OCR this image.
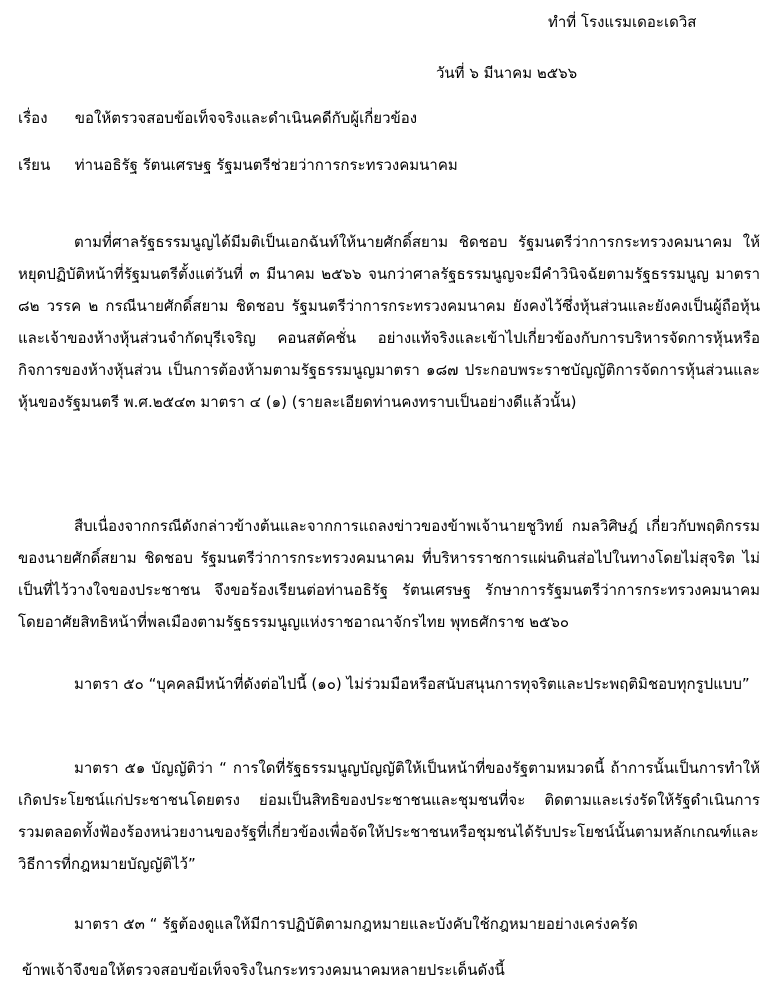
ทำที่ โรงแรมเดอะเดวิส
วันที่ ๖ มีนาคม ๒๕๖๖
เรื่อง ขอให้ตรวจสอบข้อเท็จจริงและดำเนินคดีกับผู้เกี่ยวข้อง
เรียน ท่านอธิรัฐ รัตนเศรษฐ รัฐมนตรีช่วยว่าการกระทรวงคมนาคม

ตามที่ศาลรัฐธรรมนูญได้มีมติเป็นเอกฉันท์ให้นายศักดิ์สยาม ชิดชอบ รัฐมนตรีว่าการกระทรวงคมนาคม ให้หยุดปฏิบัติหน้าที่รัฐมนตรีตั้งแต่วันที่ ๓ มีนาคม ๒๕๖๖ จนกว่าศาลรัฐธรรมนูญจะมีคำวินิจฉัยตามรัฐธรรมนูญ มาตรา ๘๒ วรรค ๒ กรณีนายศักดิ์สยาม ชิดชอบ รัฐมนตรีว่าการกระทรวงคมนาคม ยังคงไว้ซึ่งหุ้นส่วนและยังคงเป็นผู้ถือหุ้นและเจ้าของห้างหุ้นส่วนจำกัดบุรีเจริญ คอนสตัคชั่น อย่างแท้จริงและเข้าไปเกี่ยวข้องกับการบริหารจัดการหุ้นหรือกิจการของห้างหุ้นส่วน เป็นการต้องห้ามตามรัฐธรรมนูญมาตรา ๑๘๗ ประกอบพระราชบัญญัติการจัดการหุ้นส่วนและหุ้นของรัฐมนตรี พ.ศ.๒๕๔๓ มาตรา ๔ (๑) (รายละเอียดท่านคงทราบเป็นอย่างดีแล้วนั้น)

สืบเนื่องจากกรณีดังกล่าวข้างต้นและจากการแถลงข่าวของข้าพเจ้านายชูวิทย์ กมลวิศิษฎ์ เกี่ยวกับพฤติกรรมของนายศักดิ์สยาม ชิดชอบ รัฐมนตรีว่าการกระทรวงคมนาคม ที่บริหารราชการแผ่นดินส่อไปในทางโดยไม่สุจริต ไม่เป็นที่ไว้วางใจของประชาชน จึงขอร้องเรียนต่อท่านอธิรัฐ รัตนเศรษฐ รักษาการรัฐมนตรีว่าการกระทรวงคมนาคม โดยอาศัยสิทธิหน้าที่พลเมืองตามรัฐธรรมนูญแห่งราชอาณาจักรไทย พุทธศักราช ๒๕๖๐

มาตรา ๕๐ “บุคคลมีหน้าที่ดังต่อไปนี้ (๑๐) ไม่ร่วมมือหรือสนับสนุนการทุจริตและประพฤติมิชอบทุกรูปแบบ”

มาตรา ๕๑ บัญญัติว่า “ การใดที่รัฐธรรมนูญบัญญัติให้เป็นหน้าที่ของรัฐตามหมวดนี้ ถ้าการนั้นเป็นการทำให้เกิดประโยชน์แก่ประชาชนโดยตรง ย่อมเป็นสิทธิของประชาชนและชุมชนที่จะ ติดตามและเร่งรัดให้รัฐดำเนินการ รวมตลอดทั้งฟ้องร้องหน่วยงานของรัฐที่เกี่ยวข้องเพื่อจัดให้ประชาชนหรือชุมชนได้รับประโยชน์นั้นตามหลักเกณฑ์และวิธีการที่กฎหมายบัญญัติไว้”

มาตรา ๕๓ “ รัฐต้องดูแลให้มีการปฏิบัติตามกฎหมายและบังคับใช้กฎหมายอย่างเคร่งครัด

ข้าพเจ้าจึงขอให้ตรวจสอบข้อเท็จจริงในกระทรวงคมนาคมหลายประเด็นดังนี้
